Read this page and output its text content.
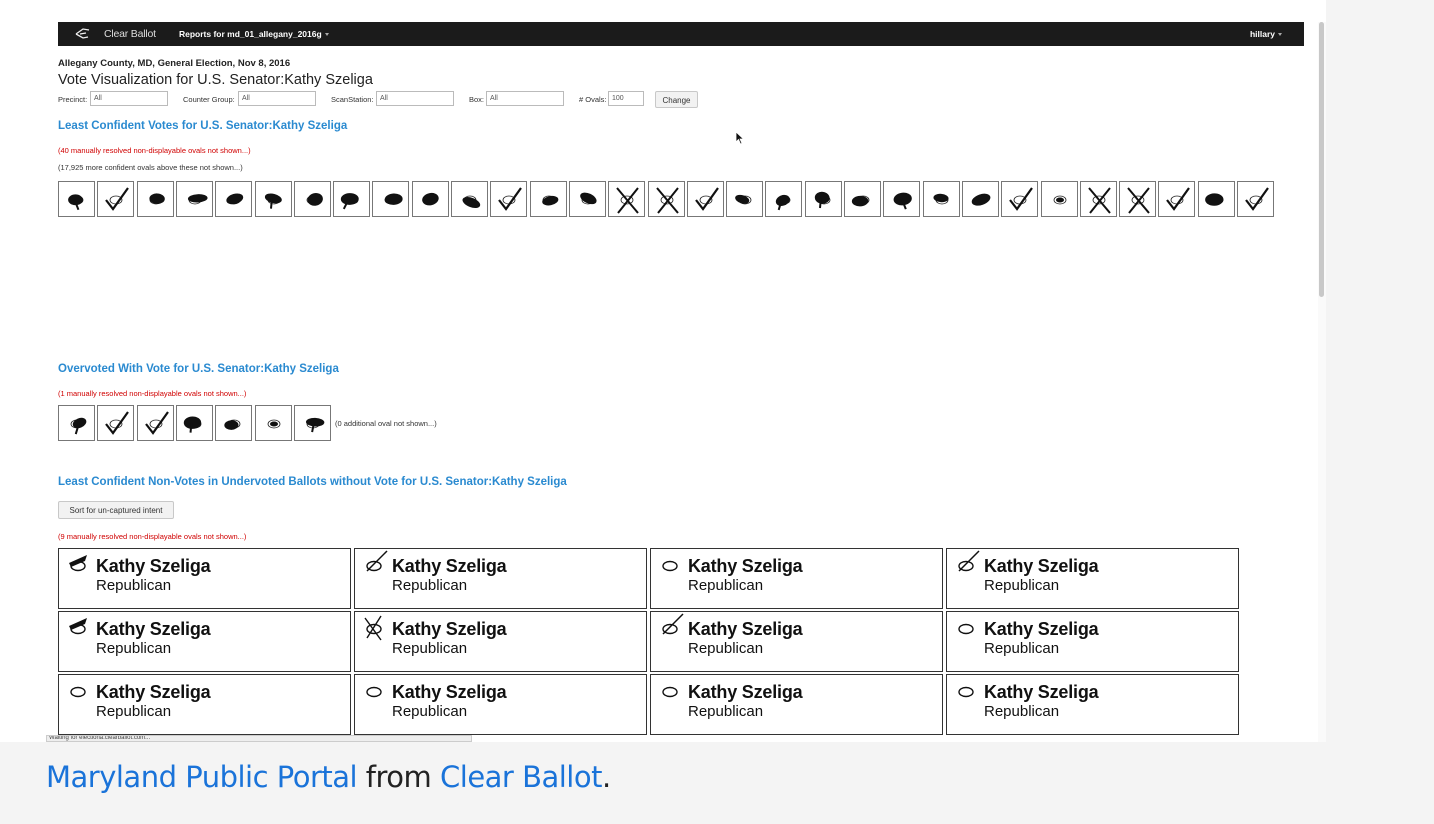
Clear Ballot	Reports for md_01_allegany_2016g	hillary
Allegany County, MD, General Election, Nov 8, 2016
Vote Visualization for U.S. Senator:Kathy Szeliga
Precinct: All	Counter Group:	All	ScanStation: All	Box: All	# Ovals: 100	Change
Least Confident Votes for U.S. Senator:Kathy Szeliga
(40 manually resolved non-displayable ovals not shown...)
(17,925 more confident ovals above these not shown...)
Overvoted With Vote for U.S. Senator:Kathy Szeliga
(1 manually resolved non-displayable ovals not shown...)
(0 additional oval not shown...)
Least Confident Non-Votes in Undervoted Ballots without Vote for U.S. Senator:Kathy Szeliga
Sort for un-captured intent
(9 manually resolved non-displayable ovals not shown...)
Kathy Szeliga
Republican
Kathy Szeliga
Republican
Kathy Szeliga
Republican
Kathy Szeliga
Republican
Kathy Szeliga
Republican
Kathy Szeliga
Republican
Kathy Szeliga
Republican
Kathy Szeliga
Republican
Kathy Szeliga
Republican
Kathy Szeliga
Republican
Kathy Szeliga
Republican
Kathy Szeliga
Republican
Waiting for electiona.clearballot.com...
Maryland Public Portal from Clear Ballot.
